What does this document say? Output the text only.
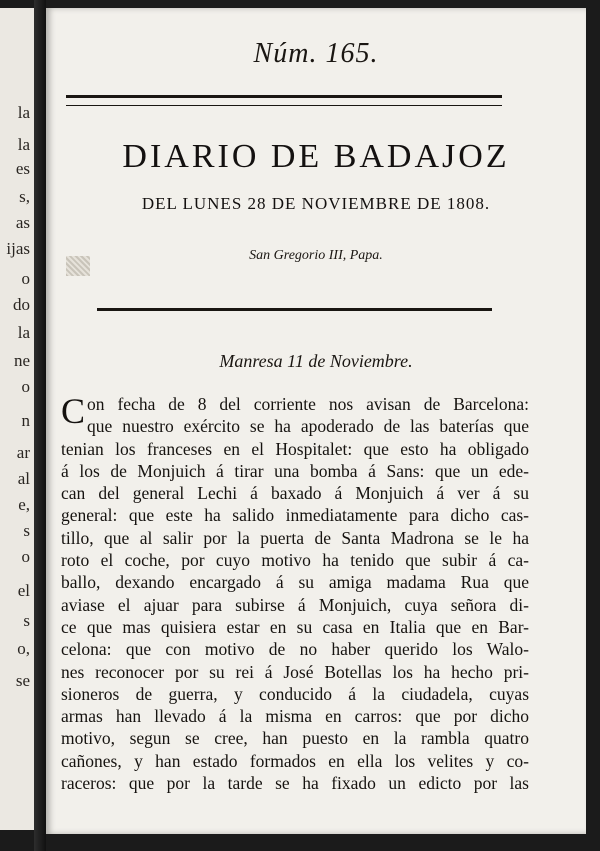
la
la
es
s,
as
ijas
o
do
la
ne
o
n
ar
al
e,
s
o
el
s
o,
se
Núm. 165.
DIARIO DE BADAJOZ
DEL LUNES 28 DE NOVIEMBRE DE 1808.
San Gregorio III, Papa.
Manresa 11 de Noviembre.
C on fecha de 8 del corriente nos avisan de Barcelona:
que nuestro exército se ha apoderado de las baterías que
tenian los franceses en el Hospitalet: que esto ha obligado
á los de Monjuich á tirar una bomba á Sans: que un ede-
can del general Lechi á baxado á Monjuich á ver á su
general: que este ha salido inmediatamente para dicho cas-
tillo, que al salir por la puerta de Santa Madrona se le ha
roto el coche, por cuyo motivo ha tenido que subir á ca-
ballo, dexando encargado á su amiga madama Rua que
aviase el ajuar para subirse á Monjuich, cuya señora di-
ce que mas quisiera estar en su casa en Italia que en Bar-
celona: que con motivo de no haber querido los Walo-
nes reconocer por su rei á José Botellas los ha hecho pri-
sioneros de guerra, y conducido á la ciudadela, cuyas
armas han llevado á la misma en carros: que por dicho
motivo, segun se cree, han puesto en la rambla quatro
cañones, y han estado formados en ella los velites y co-
raceros: que por la tarde se ha fixado un edicto por las
